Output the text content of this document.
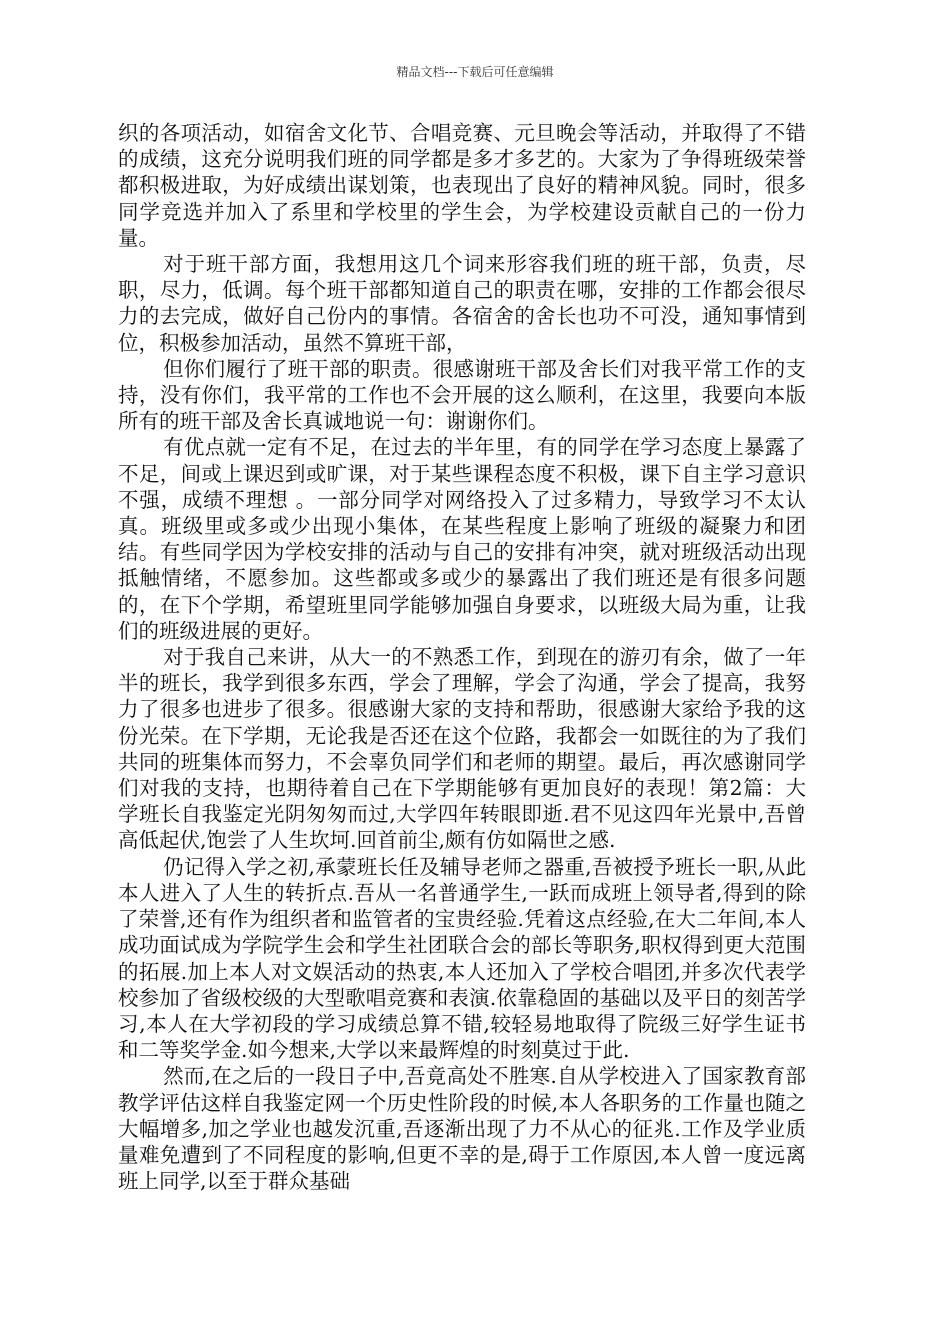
精品文档---下载后可任意编辑

织的各项活动，如宿舍文化节、合唱竞赛、元旦晚会等活动，并取得了不错的成绩，这充分说明我们班的同学都是多才多艺的。大家为了争得班级荣誉都积极进取，为好成绩出谋划策，也表现出了良好的精神风貌。同时，很多同学竞选并加入了系里和学校里的学生会，为学校建设贡献自己的一份力量。

对于班干部方面，我想用这几个词来形容我们班的班干部，负责，尽职，尽力，低调。每个班干部都知道自己的职责在哪，安排的工作都会很尽力的去完成，做好自己份内的事情。各宿舍的舍长也功不可没，通知事情到位，积极参加活动，虽然不算班干部，

但你们履行了班干部的职责。很感谢班干部及舍长们对我平常工作的支持，没有你们，我平常的工作也不会开展的这么顺利，在这里，我要向本版所有的班干部及舍长真诚地说一句：谢谢你们。

有优点就一定有不足，在过去的半年里，有的同学在学习态度上暴露了不足，间或上课迟到或旷课，对于某些课程态度不积极，课下自主学习意识不强，成绩不理想 。一部分同学对网络投入了过多精力，导致学习不太认真。班级里或多或少出现小集体，在某些程度上影响了班级的凝聚力和团结。有些同学因为学校安排的活动与自己的安排有冲突，就对班级活动出现抵触情绪，不愿参加。这些都或多或少的暴露出了我们班还是有很多问题的，在下个学期，希望班里同学能够加强自身要求，以班级大局为重，让我们的班级进展的更好。

对于我自己来讲，从大一的不熟悉工作，到现在的游刃有余，做了一年半的班长，我学到很多东西，学会了理解，学会了沟通，学会了提高，我努力了很多也进步了很多。很感谢大家的支持和帮助，很感谢大家给予我的这份光荣。在下学期，无论我是否还在这个位路，我都会一如既往的为了我们共同的班集体而努力，不会辜负同学们和老师的期望。最后，再次感谢同学们对我的支持，也期待着自己在下学期能够有更加良好的表现！第2篇：大学班长自我鉴定光阴匆匆而过,大学四年转眼即逝.君不见这四年光景中,吾曾高低起伏,饱尝了人生坎坷.回首前尘,颇有仿如隔世之感.

仍记得入学之初,承蒙班长任及辅导老师之器重,吾被授予班长一职,从此本人进入了人生的转折点.吾从一名普通学生,一跃而成班上领导者,得到的除了荣誉,还有作为组织者和监管者的宝贵经验.凭着这点经验,在大二年间,本人成功面试成为学院学生会和学生社团联合会的部长等职务,职权得到更大范围的拓展.加上本人对文娱活动的热衷,本人还加入了学校合唱团,并多次代表学校参加了省级校级的大型歌唱竞赛和表演.依靠稳固的基础以及平日的刻苦学习,本人在大学初段的学习成绩总算不错,较轻易地取得了院级三好学生证书和二等奖学金.如今想来,大学以来最辉煌的时刻莫过于此.

然而,在之后的一段日子中,吾竟高处不胜寒.自从学校进入了国家教育部教学评估这样自我鉴定网一个历史性阶段的时候,本人各职务的工作量也随之大幅增多,加之学业也越发沉重,吾逐渐出现了力不从心的征兆.工作及学业质量难免遭到了不同程度的影响,但更不幸的是,碍于工作原因,本人曾一度远离班上同学,以至于群众基础
